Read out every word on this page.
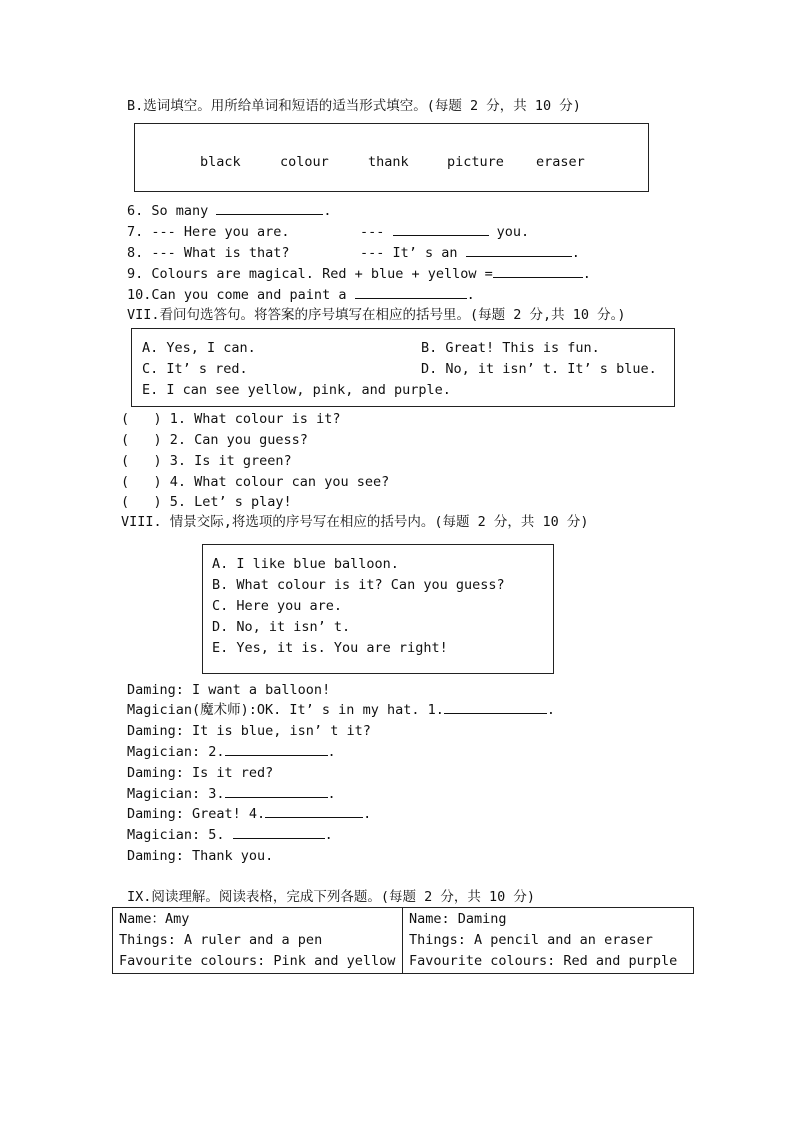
B.选词填空。用所给单词和短语的适当形式填空。(每题 2 分，共 10 分)
black	colour	thank	picture eraser
6. So many	.
7. --- Here you are.	---	you.
8. --- What is that?	--- It’ s an	.
9. Colours are magical. Red + blue + yellow =	.
10.Can you come and paint a	.
VII.看问句选答句。将答案的序号填写在相应的括号里。(每题 2 分,共 10 分。)
A. Yes, I can.	B. Great! This is fun.
C. It’ s red.	D. No, it isn’ t. It’ s blue.
E. I can see yellow, pink, and purple.
(   ) 1. What colour is it?
(   ) 2. Can you guess?
(   ) 3. Is it green?
(   ) 4. What colour can you see?
(   ) 5. Let’ s play!
VIII. 情景交际,将选项的序号写在相应的括号内。(每题 2 分，共 10 分)
A. I like blue balloon.
B. What colour is it? Can you guess?
C. Here you are.
D. No, it isn’ t.
E. Yes, it is. You are right!
Daming: I want a balloon!
Magician(魔术师):OK. It’ s in my hat. 1.	.
Daming: It is blue, isn’ t it?
Magician: 2.	.
Daming: Is it red?
Magician: 3.	.
Daming: Great! 4.	.
Magician: 5.	.
Daming: Thank you.
IX.阅读理解。阅读表格，完成下列各题。(每题 2 分，共 10 分)
Name：Amy
Things: A ruler and a pen
Favourite colours: Pink and yellow

Name: Daming
Things: A pencil and an eraser
Favourite colours: Red and purple
